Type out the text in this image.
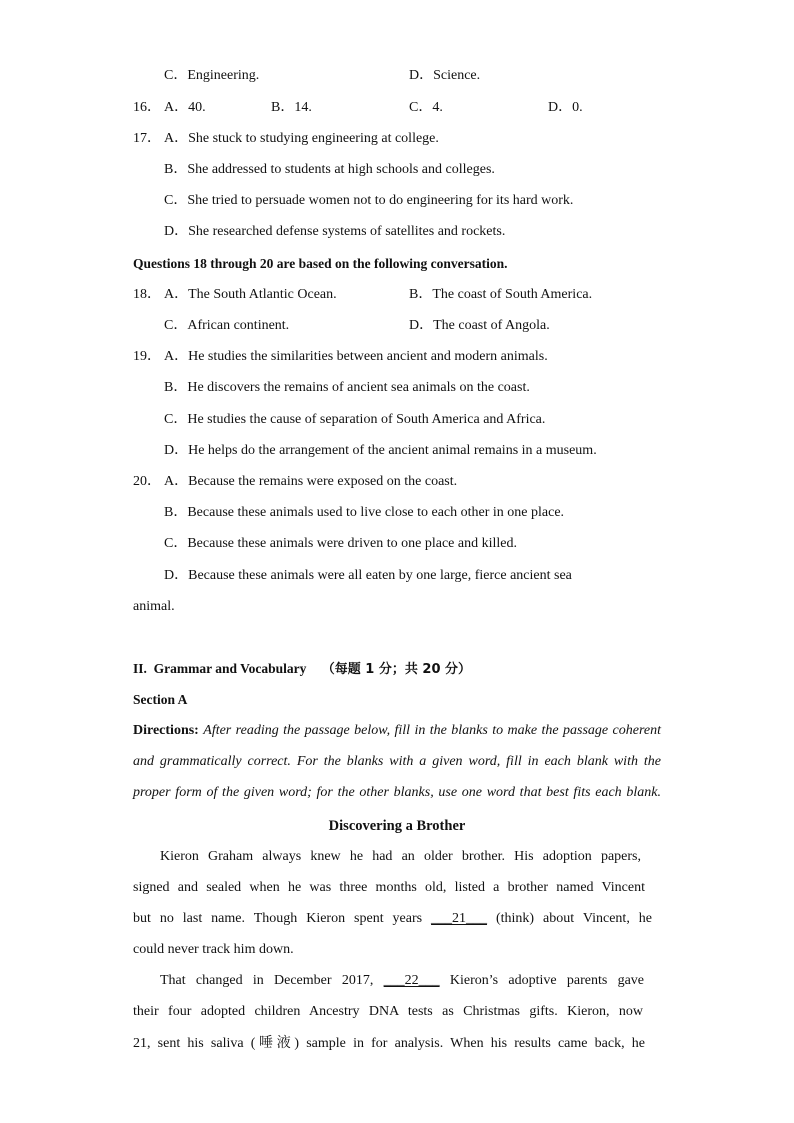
C．Engineering.	D．Science.
16． A．40.	B．14.	C．4.	D．0.
17． A．She stuck to studying engineering at college.
B．She addressed to students at high schools and colleges.
C．She tried to persuade women not to do engineering for its hard work.
D．She researched defense systems of satellites and rockets.
Questions 18 through 20 are based on the following conversation.
18． A．The South Atlantic Ocean.	B．The coast of South America.
C．African continent.	D．The coast of Angola.
19． A．He studies the similarities between ancient and modern animals.
B．He discovers the remains of ancient sea animals on the coast.
C．He studies the cause of separation of South America and Africa.
D．He helps do the arrangement of the ancient animal remains in a museum.
20． A．Because the remains were exposed on the coast.
B．Because these animals used to live close to each other in one place.
C．Because these animals were driven to one place and killed.
D．Because these animals were all eaten by one large, fierce ancient sea
animal.
II.  Grammar and Vocabulary （每题 1 分；共 20 分）
Section A
Directions: After reading the passage below, fill in the blanks to make the passage coherent
and grammatically correct. For the blanks with a given word, fill in each blank with the
proper form of the given word; for the other blanks, use one word that best fits each blank.
Discovering a Brother
Kieron Graham always knew he had an older brother. His adoption papers,
signed and sealed when he was three months old, listed a brother named Vincent
but no last name. Though Kieron spent years ___21___ (think) about Vincent, he
could never track him down.
That changed in December 2017, ___22___ Kieron’s adoptive parents gave
their four adopted children Ancestry DNA tests as Christmas gifts. Kieron, now
21, sent his saliva (唾液) sample in for analysis. When his results came back, he
